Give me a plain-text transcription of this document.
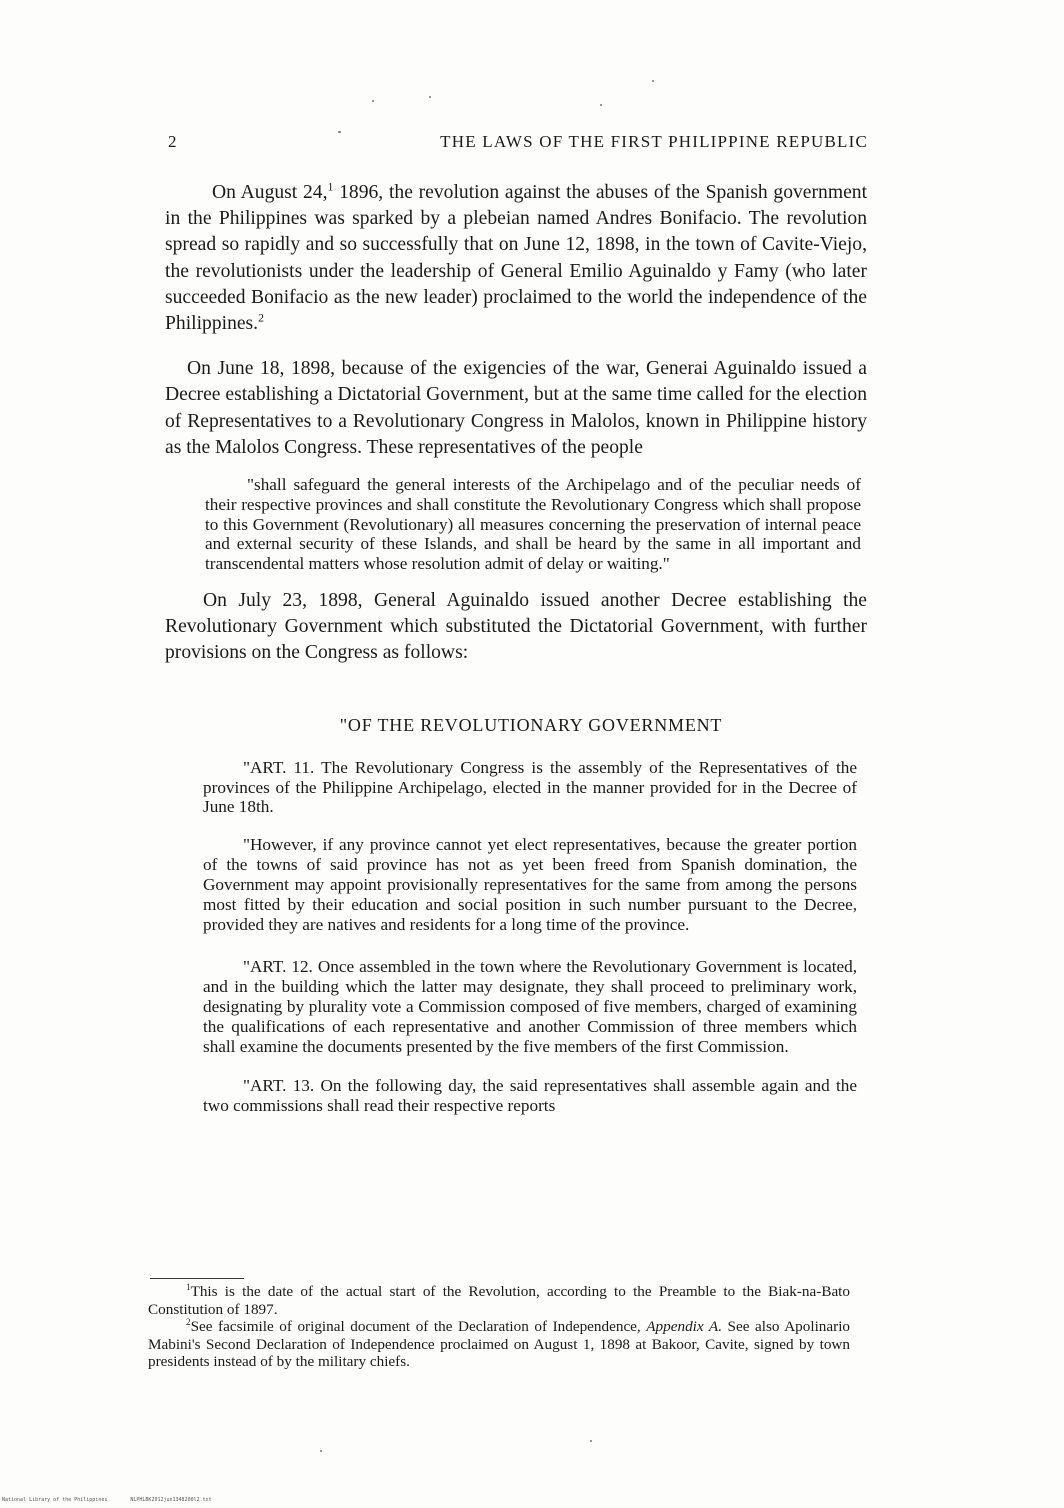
2	THE LAWS OF THE FIRST PHILIPPINE REPUBLIC

On August 24,$^1$ 1896, the revolution against the abuses of the Spanish government in the Philippines was sparked by a plebeian named Andres Bonifacio. The revolution spread so rapidly and so successfully that on June 12, 1898, in the town of Cavite-Viejo, the revolutionists under the leadership of General Emilio Aguinaldo y Famy (who later succeeded Bonifacio as the new leader) proclaimed to the world the independence of the Philippines.$^2$

On June 18, 1898, because of the exigencies of the war, Generai Aguinaldo issued a Decree establishing a Dictatorial Government, but at the same time called for the election of Representatives to a Revolutionary Congress in Malolos, known in Philippine history as the Malolos Congress. These representatives of the people

"shall safeguard the general interests of the Archipelago and of the peculiar needs of their respective provinces and shall constitute the Revolutionary Congress which shall propose to this Government (Revolutionary) all measures concerning the preservation of internal peace and external security of these Islands, and shall be heard by the same in all important and transcendental matters whose resolution admit of delay or waiting."

On July 23, 1898, General Aguinaldo issued another Decree establishing the Revolutionary Government which substituted the Dictatorial Government, with further provisions on the Congress as follows:

"OF THE REVOLUTIONARY GOVERNMENT

"ART. 11. The Revolutionary Congress is the assembly of the Representatives of the provinces of the Philippine Archipelago, elected in the manner provided for in the Decree of June 18th.

"However, if any province cannot yet elect representatives, because the greater portion of the towns of said province has not as yet been freed from Spanish domination, the Government may appoint provisionally representatives for the same from among the persons most fitted by their education and social position in such number pursuant to the Decree, provided they are natives and residents for a long time of the province.

"ART. 12. Once assembled in the town where the Revolutionary Government is located, and in the building which the latter may designate, they shall proceed to preliminary work, designating by plurality vote a Commission composed of five members, charged of examining the qualifications of each representative and another Commission of three members which shall examine the documents presented by the five members of the first Commission.

"ART. 13. On the following day, the said representatives shall assemble again and the two commissions shall read their respective reports

$^1$This is the date of the actual start of the Revolution, according to the Preamble to the Biak-na-Bato Constitution of 1897.

$^2$See facsimile of original document of the Declaration of Independence, Appendix A. See also Apolinario Mabini's Second Declaration of Independence proclaimed on August 1, 1898 at Bakoor, Cavite, signed by town presidents instead of by the military chiefs.

National Library of the Philippines	NLPHLBK2012jun1348200l2.txt
